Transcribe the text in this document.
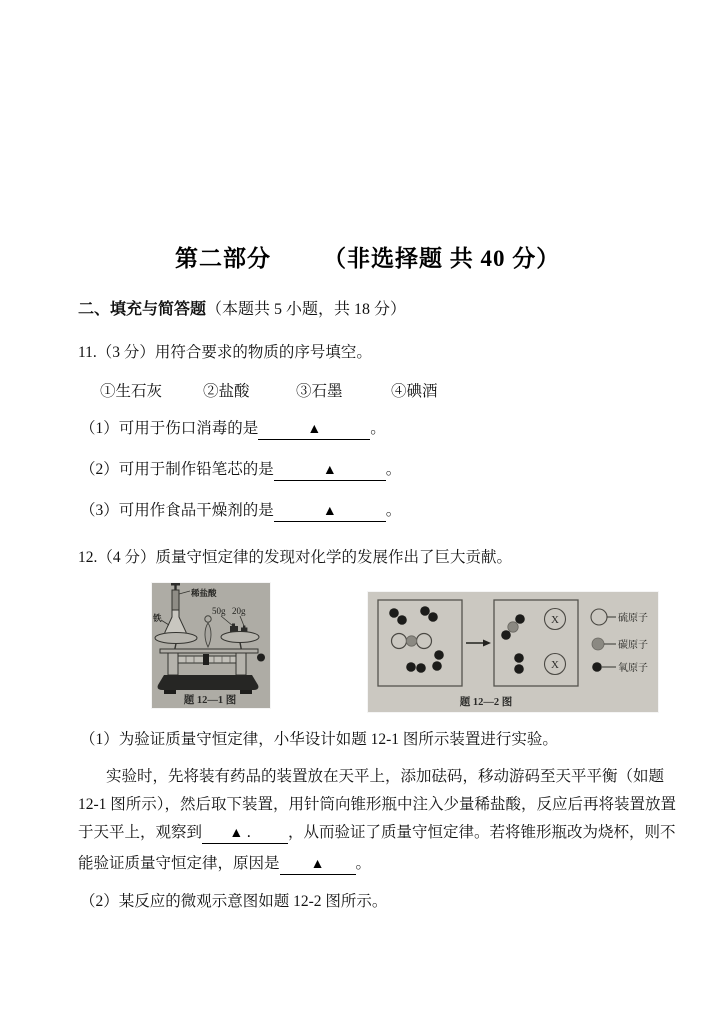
第二部分 （非选择题 共 40 分）
二、填充与简答题（本题共 5 小题，共 18 分）
11.（3 分）用符合要求的物质的序号填空。
①生石灰	②盐酸	③石墨	④碘酒
（1）可用于伤口消毒的是	▲	。
（2）可用于制作铅笔芯的是	▲	。
（3）可用作食品干燥剂的是	▲	。
12.（4 分）质量守恒定律的发现对化学的发展作出了巨大贡献。
稀盐酸
铁
50g 20g
题 12—1 图
X
X
硫原子
碳原子
氧原子
题 12—2 图
（1）为验证质量守恒定律，小华设计如题 12-1 图所示装置进行实验。
实验时，先将装有药品的装置放在天平上，添加砝码，移动游码至天平平衡（如题
12-1 图所示），然后取下装置，用针筒向锥形瓶中注入少量稀盐酸，反应后再将装置放置
于天平上，观察到 ▲ ． ，从而验证了质量守恒定律。若将锥形瓶改为烧杯，则不
能验证质量守恒定律，原因是 ▲ 。
（2）某反应的微观示意图如题 12-2 图所示。
